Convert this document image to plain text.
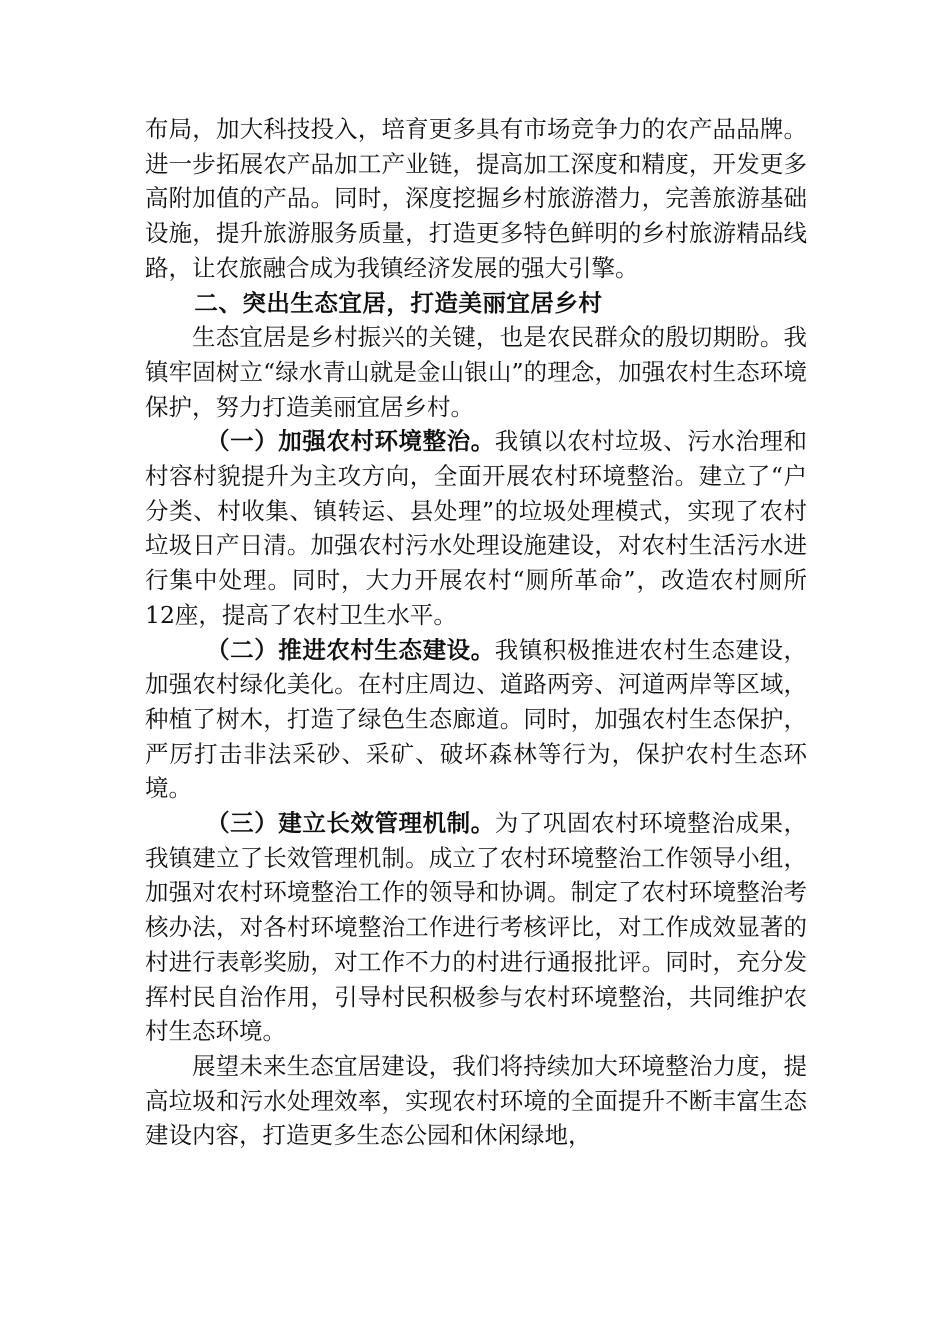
布局，加大科技投入，培育更多具有市场竞争力的农产品品牌。进一步拓展农产品加工产业链，提高加工深度和精度，开发更多高附加值的产品。同时，深度挖掘乡村旅游潜力，完善旅游基础设施，提升旅游服务质量，打造更多特色鲜明的乡村旅游精品线路，让农旅融合成为我镇经济发展的强大引擎。

二、突出生态宜居，打造美丽宜居乡村

生态宜居是乡村振兴的关键，也是农民群众的殷切期盼。我镇牢固树立“绿水青山就是金山银山”的理念，加强农村生态环境保护，努力打造美丽宜居乡村。

（一）加强农村环境整治。我镇以农村垃圾、污水治理和村容村貌提升为主攻方向，全面开展农村环境整治。建立了“户分类、村收集、镇转运、县处理”的垃圾处理模式，实现了农村垃圾日产日清。加强农村污水处理设施建设，对农村生活污水进行集中处理。同时，大力开展农村“厕所革命”，改造农村厕所12座，提高了农村卫生水平。

（二）推进农村生态建设。我镇积极推进农村生态建设，加强农村绿化美化。在村庄周边、道路两旁、河道两岸等区域，种植了树木，打造了绿色生态廊道。同时，加强农村生态保护，严厉打击非法采砂、采矿、破坏森林等行为，保护农村生态环境。

（三）建立长效管理机制。为了巩固农村环境整治成果，我镇建立了长效管理机制。成立了农村环境整治工作领导小组，加强对农村环境整治工作的领导和协调。制定了农村环境整治考核办法，对各村环境整治工作进行考核评比，对工作成效显著的村进行表彰奖励，对工作不力的村进行通报批评。同时，充分发挥村民自治作用，引导村民积极参与农村环境整治，共同维护农村生态环境。

展望未来生态宜居建设，我们将持续加大环境整治力度，提高垃圾和污水处理效率，实现农村环境的全面提升不断丰富生态建设内容，打造更多生态公园和休闲绿地，
